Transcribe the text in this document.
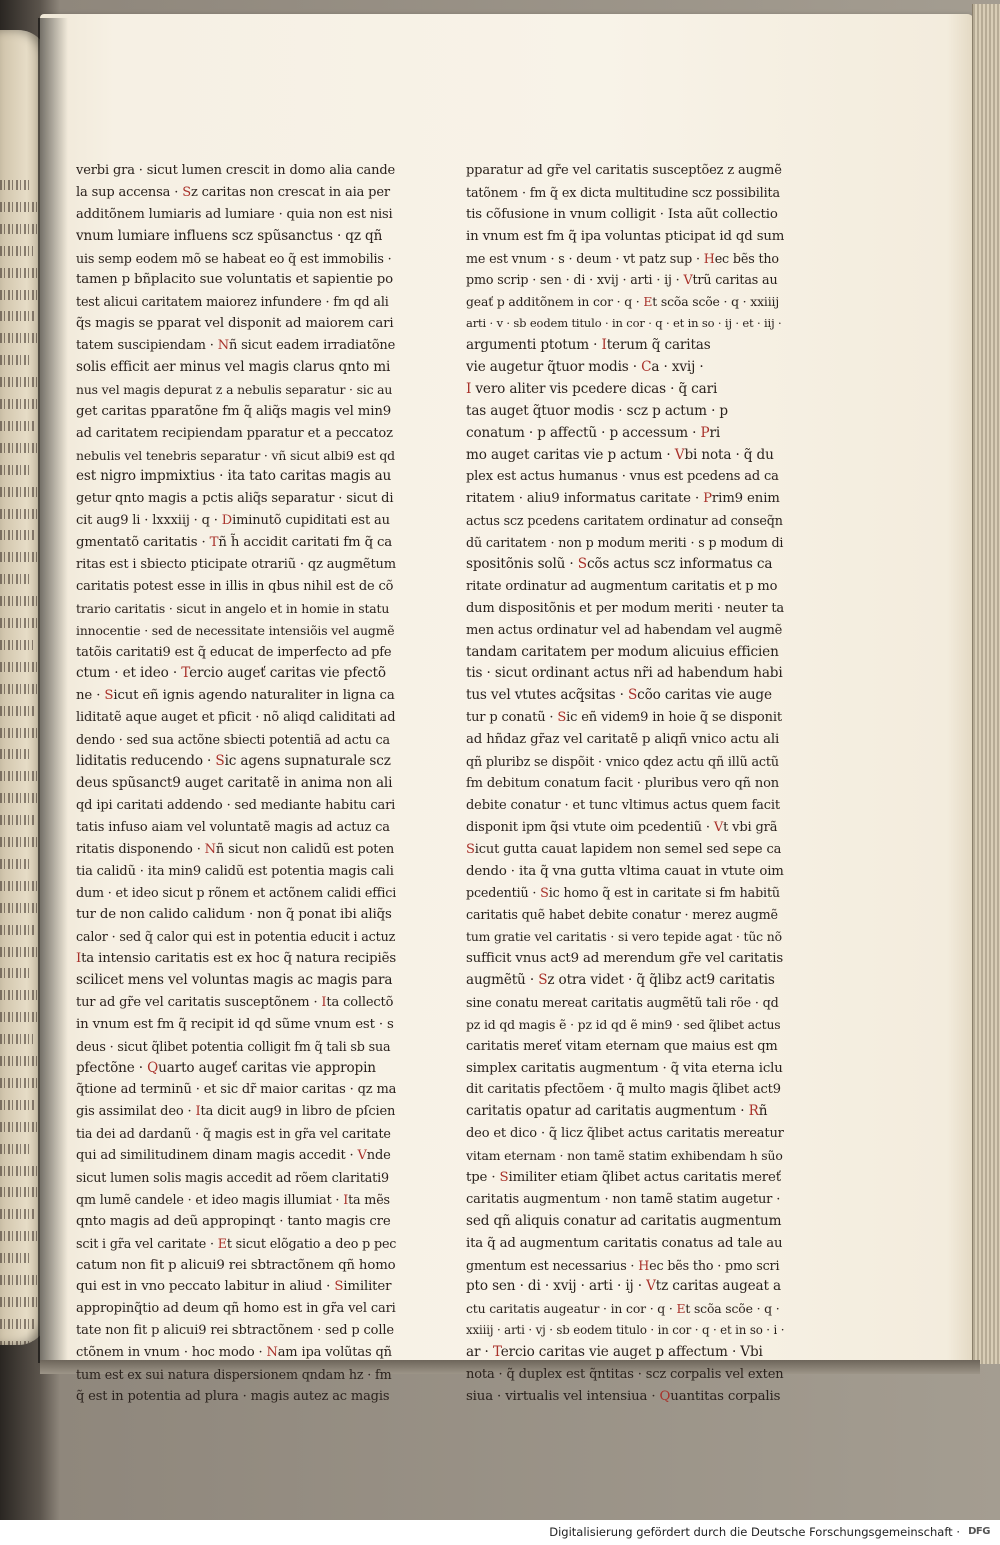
verbi gra · sicut lumen crescit in domo alia cande
la sup accensa · Sz caritas non crescat in aia per
additõnem lumiaris ad lumiare · quia non est nisi
vnum lumiare influens scz spũsanctus · qz qñ
uis semp eodem mõ se habeat eo q̃ est immobilis ·
tamen p bñplacito sue voluntatis et sapientie po
test alicui caritatem maiorez infundere · fm qd ali
q̃s magis se pparat vel disponit ad maiorem cari
tatem suscipiendam · Nñ sicut eadem irradiatõne
solis efficit aer minus vel magis clarus qnto mi
nus vel magis depurat z a nebulis separatur · sic au
get caritas pparatõne fm q̃ aliq̃s magis vel min9
ad caritatem recipiendam pparatur et a peccatoz
nebulis vel tenebris separatur · vñ sicut albi9 est qd
est nigro impmixtius · ita tato caritas magis au
getur qnto magis a pctis aliq̃s separatur · sicut di
cit aug9 li · lxxxiij · q · Diminutõ cupiditati est au
gmentatõ caritatis · Tñ h̃ accidit caritati fm q̃ ca
ritas est i sbiecto pticipate otrariũ · qz augmẽtum
caritatis potest esse in illis in qbus nihil est de cõ
trario caritatis · sicut in angelo et in homie in statu
innocentie · sed de necessitate intensiõis vel augmẽ
tatõis caritati9 est q̃ educat de imperfecto ad pfe
ctum · et ideo · Tercio augeť caritas vie pfectõ
ne · Sicut eñ ignis agendo naturaliter in ligna ca
liditatẽ aque auget et pficit · nõ aliqd caliditati ad
dendo · sed sua actõne sbiecti potentiã ad actu ca
liditatis reducendo · Sic agens supnaturale scz
deus spũsanct9 auget caritatẽ in anima non ali
qd ipi caritati addendo · sed mediante habitu cari
tatis infuso aiam vel voluntatẽ magis ad actuz ca
ritatis disponendo · Nñ sicut non calidũ est poten
tia calidũ · ita min9 calidũ est potentia magis cali
dum · et ideo sicut p rõnem et actõnem calidi effici
tur de non calido calidum · non q̃ ponat ibi aliq̃s
calor · sed q̃ calor qui est in potentia educit i actuz
Ita intensio caritatis est ex hoc q̃ natura recipiẽs
scilicet mens vel voluntas magis ac magis para
tur ad gr̃e vel caritatis susceptõnem · Ita collectõ
in vnum est fm q̃ recipit id qd sũme vnum est · s
deus · sicut q̃libet potentia colligit fm q̃ tali sb sua
pfectõne · Quarto augeť caritas vie appropin
q̃tione ad terminũ · et sic dr̃ maior caritas · qz ma
gis assimilat deo · Ita dicit aug9 in libro de pſcien
tia dei ad dardanũ · q̃ magis est in gr̃a vel caritate
qui ad similitudinem dinam magis accedit · Vnde
sicut lumen solis magis accedit ad rõem claritati9
qm lumẽ candele · et ideo magis illumiat · Ita mẽs
qnto magis ad deũ appropinqt · tanto magis cre
scit i gr̃a vel caritate · Et sicut elõgatio a deo p pec
catum non fit p alicui9 rei sbtractõnem qñ homo
qui est in vno peccato labitur in aliud · Similiter
appropinq̃tio ad deum qñ homo est in gr̃a vel cari
tate non fit p alicui9 rei sbtractõnem · sed p colle
ctõnem in vnum · hoc modo · Nam ipa volũtas qñ
tum est ex sui natura dispersionem qndam hz · fm
q̃ est in potentia ad plura · magis autez ac magis
pparatur ad gr̃e vel caritatis susceptõez z augmẽ
tatõnem · fm q̃ ex dicta multitudine scz possibilita
tis cõfusione in vnum colligit · Ista aũt collectio
in vnum est fm q̃ ipa voluntas pticipat id qd sum
me est vnum · s · deum · vt patz sup · Hec bẽs tho
pmo scrip · sen · di · xvij · arti · ij · Vtrũ caritas au
geať p additõnem in cor · q · Et scõa scõe · q · xxiiij
arti · v · sb eodem titulo · in cor · q · et in so · ij · et · iij ·
argumenti ptotum · Iterum q̃ caritas
vie augetur q̃tuor modis · Ca · xvij ·
I vero aliter vis pcedere dicas · q̃ cari
tas auget q̃tuor modis · scz p actum · p
conatum · p affectũ · p accessum · Pri
mo auget caritas vie p actum · Vbi nota · q̃ du
plex est actus humanus · vnus est pcedens ad ca
ritatem · aliu9 informatus caritate · Prim9 enim
actus scz pcedens caritatem ordinatur ad conseq̃n
dũ caritatem · non p modum meriti · s p modum di
spositõnis solũ · Scõs actus scz informatus ca
ritate ordinatur ad augmentum caritatis et p mo
dum dispositõnis et per modum meriti · neuter ta
men actus ordinatur vel ad habendam vel augmẽ
tandam caritatem per modum alicuius efficien
tis · sicut ordinant actus nr̃i ad habendum habi
tus vel vtutes acq̃sitas · Scõo caritas vie auge
tur p conatũ · Sic eñ videm9 in hoie q̃ se disponit
ad hñdaz gr̃az vel caritatẽ p aliqñ vnico actu ali
qñ pluribz se dispõit · vnico qdez actu qñ illũ actũ
fm debitum conatum facit · pluribus vero qñ non
debite conatur · et tunc vltimus actus quem facit
disponit ipm q̃si vtute oim pcedentiũ · Vt vbi grã
Sicut gutta cauat lapidem non semel sed sepe ca
dendo · ita q̃ vna gutta vltima cauat in vtute oim
pcedentiũ · Sic homo q̃ est in caritate si fm habitũ
caritatis quẽ habet debite conatur · merez augmẽ
tum gratie vel caritatis · si vero tepide agat · tũc nõ
sufficit vnus act9 ad merendum gr̃e vel caritatis
augmẽtũ · Sz otra videt · q̃ q̃libz act9 caritatis
sine conatu mereat caritatis augmẽtũ tali rõe · qd
pz id qd magis ẽ · pz id qd ẽ min9 · sed q̃libet actus
caritatis mereť vitam eternam que maius est qm
simplex caritatis augmentum · q̃ vita eterna iclu
dit caritatis pfectõem · q̃ multo magis q̃libet act9
caritatis opatur ad caritatis augmentum · Rñ
deo et dico · q̃ licz q̃libet actus caritatis mereatur
vitam eternam · non tamẽ statim exhibendam h sũo
tpe · Similiter etiam q̃libet actus caritatis mereť
caritatis augmentum · non tamẽ statim augetur ·
sed qñ aliquis conatur ad caritatis augmentum
ita q̃ ad augmentum caritatis conatus ad tale au
gmentum est necessarius · Hec bẽs tho · pmo scri
pto sen · di · xvij · arti · ij · Vtz caritas augeat a
ctu caritatis augeatur · in cor · q · Et scõa scõe · q ·
xxiiij · arti · vj · sb eodem titulo · in cor · q · et in so · i ·
ar · Tercio caritas vie auget p affectum · Vbi
nota · q̃ duplex est q̃ntitas · scz corpalis vel exten
siua · virtualis vel intensiua · Quantitas corpalis
Digitalisierung gefördert durch die Deutsche Forschungsgemeinschaft · DFG
